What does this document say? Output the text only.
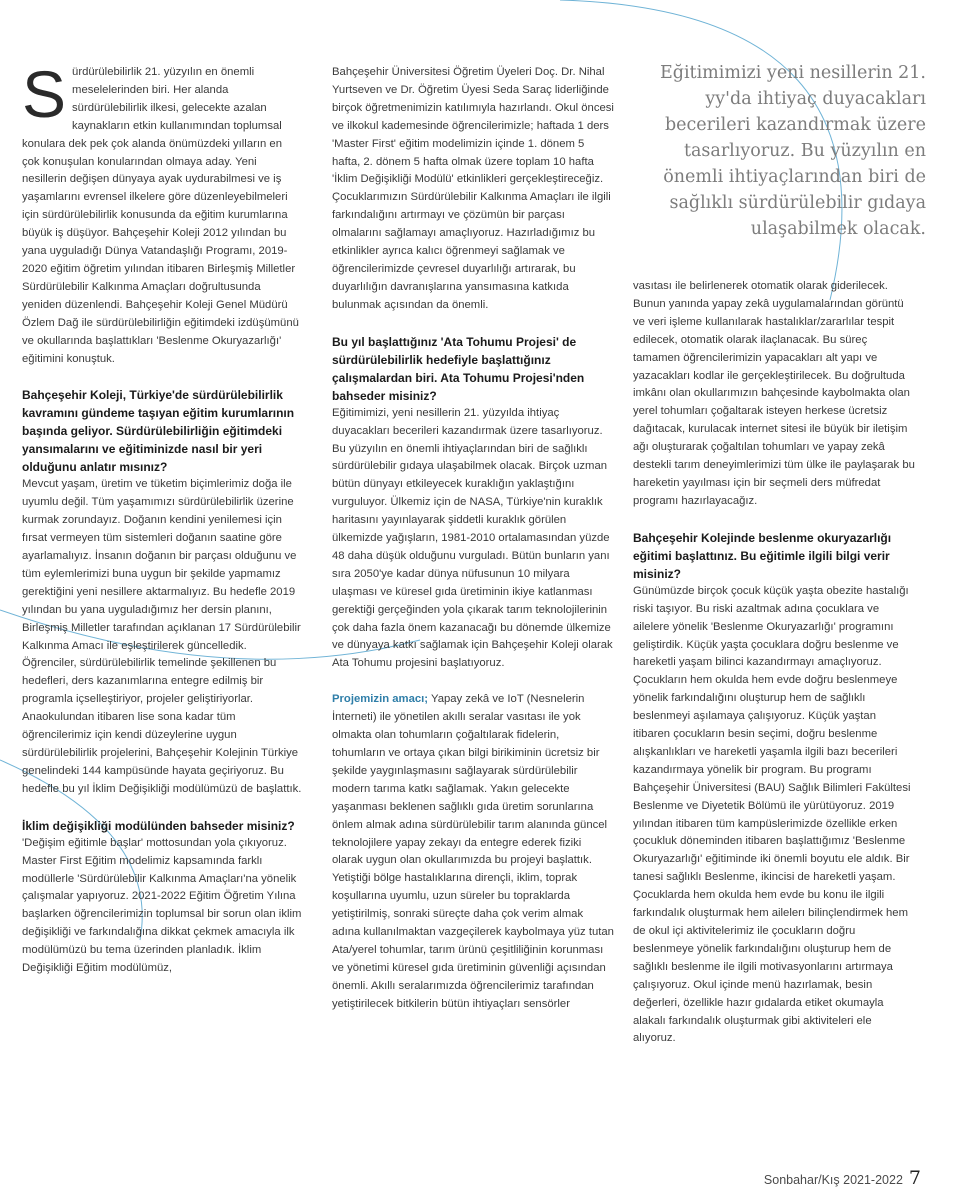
Eğitimimizi yeni nesillerin 21. yy'da ihtiyaç duyacakları becerileri kazandırmak üzere tasarlıyoruz. Bu yüzyılın en önemli ihtiyaçlarından biri de sağlıklı sürdürülebilir gıdaya ulaşabilmek olacak.

Sürdürülebilirlik 21. yüzyılın en önemli meselelerinden biri. Her alanda sürdürülebilirlik ilkesi, gelecekte azalan kaynakların etkin kullanımından toplumsal konulara dek pek çok alanda önümüzdeki yılların en çok konuşulan konularından olmaya aday. Yeni nesillerin değişen dünyaya ayak uydurabilmesi ve iş yaşamlarını evrensel ilkelere göre düzenleyebilmeleri için sürdürülebilirlik konusunda da eğitim kurumlarına büyük iş düşüyor. Bahçeşehir Koleji 2012 yılından bu yana uyguladığı Dünya Vatandaşlığı Programı, 2019-2020 eğitim öğretim yılından itibaren Birleşmiş Milletler Sürdürülebilir Kalkınma Amaçları doğrultusunda yeniden düzenlendi. Bahçeşehir Koleji Genel Müdürü Özlem Dağ ile sürdürülebilirliğin eğitimdeki izdüşümünü ve okullarında başlattıkları 'Beslenme Okuryazarlığı' eğitimini konuştuk.

Bahçeşehir Koleji, Türkiye'de sürdürülebilirlik kavramını gündeme taşıyan eğitim kurumlarının başında geliyor. Sürdürülebilirliğin eğitimdeki yansımalarını ve eğitiminizde nasıl bir yeri olduğunu anlatır mısınız?

Mevcut yaşam, üretim ve tüketim biçimlerimiz doğa ile uyumlu değil. Tüm yaşamımızı sürdürülebilirlik üzerine kurmak zorundayız. Doğanın kendini yenilemesi için fırsat vermeyen tüm sistemleri doğanın saatine göre ayarlamalıyız. İnsanın doğanın bir parçası olduğunu ve tüm eylemlerimizi buna uygun bir şekilde yapmamız gerektiğini yeni nesillere aktarmalıyız. Bu hedefle 2019 yılından bu yana uyguladığımız her dersin planını, Birleşmiş Milletler tarafından açıklanan 17 Sürdürülebilir Kalkınma Amacı ile eşleştirilerek güncelledik. Öğrenciler, sürdürülebilirlik temelinde şekillenen bu hedefleri, ders kazanımlarına entegre edilmiş bir programla içselleştiriyor, projeler geliştiriyorlar. Anaokulundan itibaren lise sona kadar tüm öğrencilerimiz için kendi düzeylerine uygun sürdürülebilirlik projelerini, Bahçeşehir Kolejinin Türkiye genelindeki 144 kampüsünde hayata geçiriyoruz. Bu hedefle bu yıl İklim Değişikliği modülümüzü de başlattık.

İklim değişikliği modülünden bahseder misiniz?

'Değişim eğitimle başlar' mottosundan yola çıkıyoruz. Master First Eğitim modelimiz kapsamında farklı modüllerle 'Sürdürülebilir Kalkınma Amaçları'na yönelik çalışmalar yapıyoruz. 2021-2022 Eğitim Öğretim Yılına başlarken öğrencilerimizin toplumsal bir sorun olan iklim değişikliği ve farkındalığına dikkat çekmek amacıyla ilk modülümüzü bu tema üzerinden planladık. İklim Değişikliği Eğitim modülümüz,

Bahçeşehir Üniversitesi Öğretim Üyeleri Doç. Dr. Nihal Yurtseven ve Dr. Öğretim Üyesi Seda Saraç liderliğinde birçok öğretmenimizin katılımıyla hazırlandı. Okul öncesi ve ilkokul kademesinde öğrencilerimizle; haftada 1 ders 'Master First' eğitim modelimizin içinde 1. dönem 5 hafta, 2. dönem 5 hafta olmak üzere toplam 10 hafta 'İklim Değişikliği Modülü' etkinlikleri gerçekleştireceğiz. Çocuklarımızın Sürdürülebilir Kalkınma Amaçları ile ilgili farkındalığını artırmayı ve çözümün bir parçası olmalarını sağlamayı amaçlıyoruz. Hazırladığımız bu etkinlikler ayrıca kalıcı öğrenmeyi sağlamak ve öğrencilerimizde çevresel duyarlılığı artırarak, bu duyarlılığın davranışlarına yansımasına katkıda bulunmak açısından da önemli.

Bu yıl başlattığınız 'Ata Tohumu Projesi' de sürdürülebilirlik hedefiyle başlattığınız çalışmalardan biri. Ata Tohumu Projesi'nden bahseder misiniz?

Eğitimimizi, yeni nesillerin 21. yüzyılda ihtiyaç duyacakları becerileri kazandırmak üzere tasarlıyoruz. Bu yüzyılın en önemli ihtiyaçlarından biri de sağlıklı sürdürülebilir gıdaya ulaşabilmek olacak. Birçok uzman bütün dünyayı etkileyecek kuraklığın yaklaştığını vurguluyor. Ülkemiz için de NASA, Türkiye'nin kuraklık haritasını yayınlayarak şiddetli kuraklık görülen ülkemizde yağışların, 1981-2010 ortalamasından yüzde 48 daha düşük olduğunu vurguladı. Bütün bunların yanı sıra 2050'ye kadar dünya nüfusunun 10 milyara ulaşması ve küresel gıda üretiminin ikiye katlanması gerektiği gerçeğinden yola çıkarak tarım teknolojilerinin çok daha fazla önem kazanacağı bu dönemde ülkemize ve dünyaya katkı sağlamak için Bahçeşehir Koleji olarak Ata Tohumu projesini başlatıyoruz.

Projemizin amacı; Yapay zekâ ve IoT (Nesnelerin İnterneti) ile yönetilen akıllı seralar vasıtası ile yok olmakta olan tohumların çoğaltılarak fidelerin, tohumların ve ortaya çıkan bilgi birikiminin ücretsiz bir şekilde yaygınlaşmasını sağlayarak sürdürülebilir modern tarıma katkı sağlamak. Yakın gelecekte yaşanması beklenen sağlıklı gıda üretim sorunlarına önlem almak adına sürdürülebilir tarım alanında güncel teknolojilere yapay zekayı da entegre ederek fiziki olarak uygun olan okullarımızda bu projeyi başlattık. Yetiştiği bölge hastalıklarına dirençli, iklim, toprak koşullarına uyumlu, uzun süreler bu topraklarda yetiştirilmiş, sonraki süreçte daha çok verim almak adına kullanılmaktan vazgeçilerek kaybolmaya yüz tutan Ata/yerel tohumlar, tarım ürünü çeşitliliğinin korunması ve yönetimi küresel gıda üretiminin güvenliği açısından önemli. Akıllı seralarımızda öğrencilerimiz tarafından yetiştirilecek bitkilerin bütün ihtiyaçları sensörler

vasıtası ile belirlenerek otomatik olarak giderilecek. Bunun yanında yapay zekâ uygulamalarından görüntü ve veri işleme kullanılarak hastalıklar/zararlılar tespit edilecek, otomatik olarak ilaçlanacak. Bu süreç tamamen öğrencilerimizin yapacakları alt yapı ve yazacakları kodlar ile gerçekleştirilecek. Bu doğrultuda imkânı olan okullarımızın bahçesinde kaybolmakta olan yerel tohumları çoğaltarak isteyen herkese ücretsiz dağıtacak, kurulacak internet sitesi ile büyük bir iletişim ağı oluşturarak çoğaltılan tohumları ve yapay zekâ destekli tarım deneyimlerimizi tüm ülke ile paylaşarak bu hareketin yayılması için bir seçmeli ders müfredat programı hazırlayacağız.

Bahçeşehir Kolejinde beslenme okuryazarlığı eğitimi başlattınız. Bu eğitimle ilgili bilgi verir misiniz?

Günümüzde birçok çocuk küçük yaşta obezite hastalığı riski taşıyor. Bu riski azaltmak adına çocuklara ve ailelere yönelik 'Beslenme Okuryazarlığı' programını geliştirdik. Küçük yaşta çocuklara doğru beslenme ve hareketli yaşam bilinci kazandırmayı amaçlıyoruz. Çocukların hem okulda hem evde doğru beslenmeye yönelik farkındalığını oluşturup hem de sağlıklı beslenmeyi aşılamaya çalışıyoruz. Küçük yaştan itibaren çocukların besin seçimi, doğru beslenme alışkanlıkları ve hareketli yaşamla ilgili bazı becerileri kazandırmaya yönelik bir program. Bu programı Bahçeşehir Üniversitesi (BAU) Sağlık Bilimleri Fakültesi Beslenme ve Diyetetik Bölümü ile yürütüyoruz. 2019 yılından itibaren tüm kampüslerimizde özellikle erken çocukluk döneminden itibaren başlattığımız 'Beslenme Okuryazarlığı' eğitiminde iki önemli boyutu ele aldık. Bir tanesi sağlıklı Beslenme, ikincisi de hareketli yaşam. Çocuklarda hem okulda hem evde bu konu ile ilgili farkındalık oluşturmak hem ailelerı bilinçlendirmek hem de okul içi aktivitelerimiz ile çocukların doğru beslenmeye yönelik farkındalığını oluşturup hem de sağlıklı beslenme ile ilgili motivasyonlarını artırmaya çalışıyoruz. Okul içinde menü hazırlamak, besin değerleri, özellikle hazır gıdalarda etiket okumayla alakalı farkındalık oluşturmak gibi aktiviteleri ele alıyoruz.

Sonbahar/Kış 2021-2022 7
